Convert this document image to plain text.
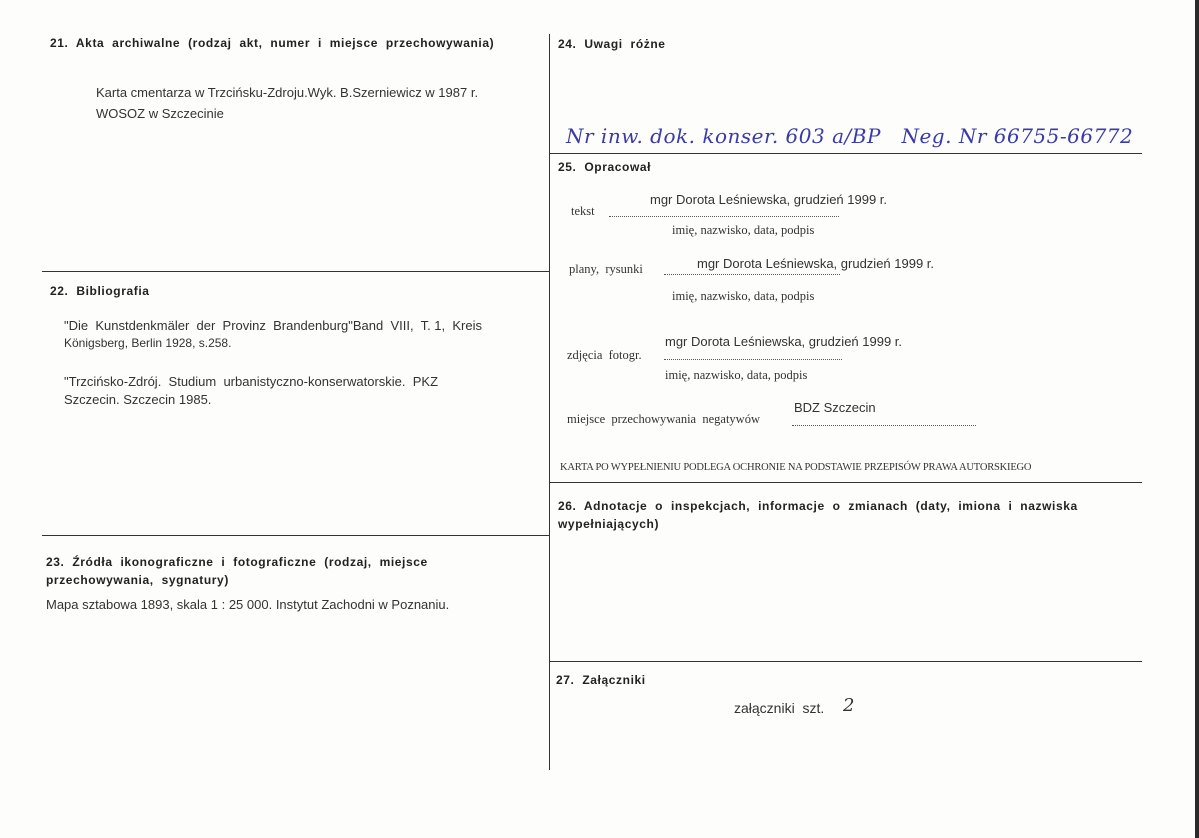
21.  Akta  archiwalne  (rodzaj  akt,  numer  i  miejsce  przechowywania)
Karta cmentarza w Trzcińsku-Zdroju.Wyk. B.Szerniewicz w 1987 r.
WOSOZ w Szczecinie
22.  Bibliografia
"Die  Kunstdenkmäler  der  Provinz  Brandenburg"Band  VIII,  T. 1,  Kreis
Königsberg, Berlin 1928, s.258.
"Trzcińsko-Zdrój.  Studium  urbanistyczno-konserwatorskie.  PKZ
Szczecin. Szczecin 1985.
23.  Źródła  ikonograficzne  i  fotograficzne  (rodzaj,  miejsce
przechowywania,  sygnatury)
Mapa sztabowa 1893, skala 1 : 25 000. Instytut Zachodni w Poznaniu.
24.  Uwagi  różne
Nr inw. dok. konser. 603 a/BP   Neg. Nr 66755-66772
25.  Opracował
tekst
mgr Dorota Leśniewska, grudzień 1999 r.
imię, nazwisko, data, podpis
plany,  rysunki	mgr Dorota Leśniewska, grudzień 1999 r.
imię, nazwisko, data, podpis
zdjęcia  fotogr.
mgr Dorota Leśniewska, grudzień 1999 r.
imię, nazwisko, data, podpis
miejsce  przechowywania  negatywów
BDZ Szczecin
KARTA PO WYPEŁNIENIU PODLEGA OCHRONIE NA PODSTAWIE PRZEPISÓW PRAWA AUTORSKIEGO
26.  Adnotacje  o  inspekcjach,  informacje  o  zmianach  (daty,  imiona  i  nazwiska
wypełniających)
27.  Załączniki
załączniki  szt. 2
